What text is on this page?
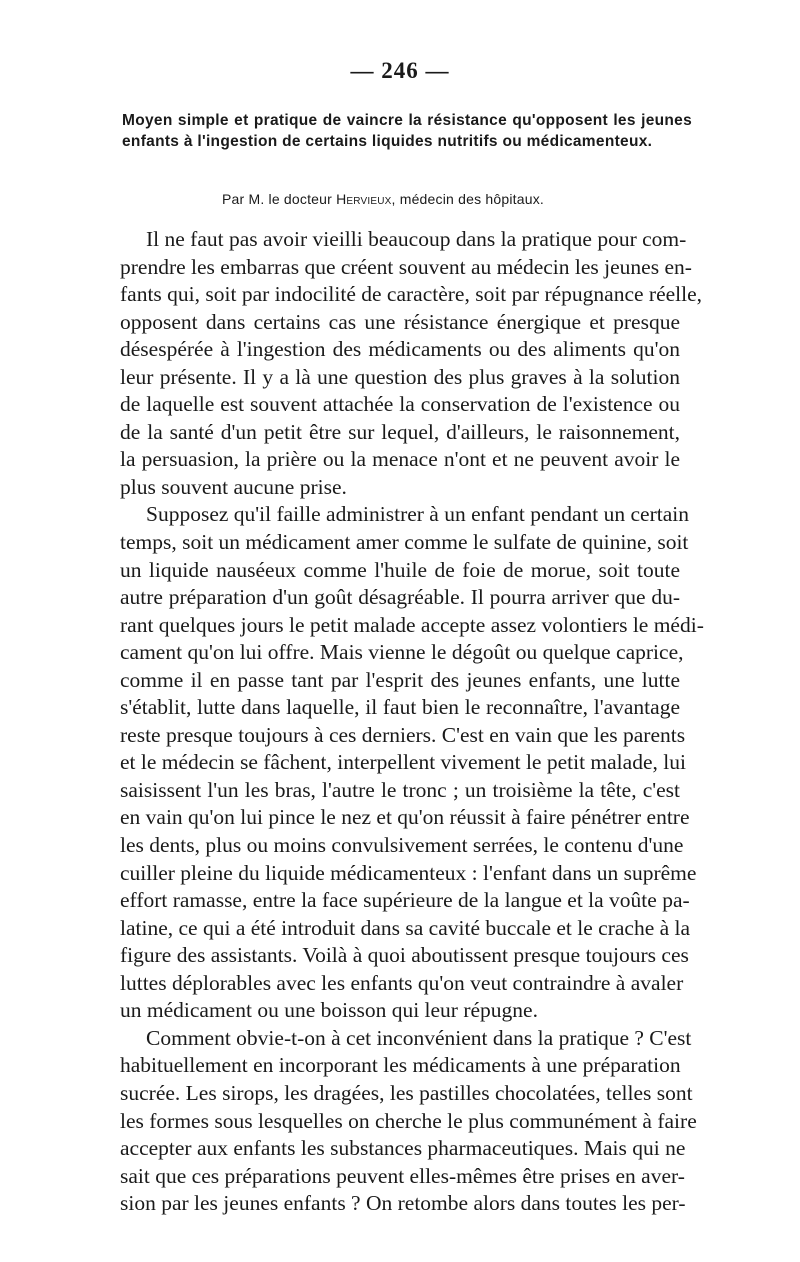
— 246 —
Moyen simple et pratique de vaincre la résistance qu'opposent les jeunes enfants à l'ingestion de certains liquides nutritifs ou médicamenteux.
Par M. le docteur Hervieux, médecin des hôpitaux.
Il ne faut pas avoir vieilli beaucoup dans la pratique pour com-
prendre les embarras que créent souvent au médecin les jeunes en-
fants qui, soit par indocilité de caractère, soit par répugnance réelle,
opposent dans certains cas une résistance énergique et presque
désespérée à l'ingestion des médicaments ou des aliments qu'on
leur présente. Il y a là une question des plus graves à la solution
de laquelle est souvent attachée la conservation de l'existence ou
de la santé d'un petit être sur lequel, d'ailleurs, le raisonnement,
la persuasion, la prière ou la menace n'ont et ne peuvent avoir le
plus souvent aucune prise.
Supposez qu'il faille administrer à un enfant pendant un certain
temps, soit un médicament amer comme le sulfate de quinine, soit
un liquide nauséeux comme l'huile de foie de morue, soit toute
autre préparation d'un goût désagréable. Il pourra arriver que du-
rant quelques jours le petit malade accepte assez volontiers le médi-
cament qu'on lui offre. Mais vienne le dégoût ou quelque caprice,
comme il en passe tant par l'esprit des jeunes enfants, une lutte
s'établit, lutte dans laquelle, il faut bien le reconnaître, l'avantage
reste presque toujours à ces derniers. C'est en vain que les parents
et le médecin se fâchent, interpellent vivement le petit malade, lui
saisissent l'un les bras, l'autre le tronc ; un troisième la tête, c'est
en vain qu'on lui pince le nez et qu'on réussit à faire pénétrer entre
les dents, plus ou moins convulsivement serrées, le contenu d'une
cuiller pleine du liquide médicamenteux : l'enfant dans un suprême
effort ramasse, entre la face supérieure de la langue et la voûte pa-
latine, ce qui a été introduit dans sa cavité buccale et le crache à la
figure des assistants. Voilà à quoi aboutissent presque toujours ces
luttes déplorables avec les enfants qu'on veut contraindre à avaler
un médicament ou une boisson qui leur répugne.
Comment obvie-t-on à cet inconvénient dans la pratique ? C'est
habituellement en incorporant les médicaments à une préparation
sucrée. Les sirops, les dragées, les pastilles chocolatées, telles sont
les formes sous lesquelles on cherche le plus communément à faire
accepter aux enfants les substances pharmaceutiques. Mais qui ne
sait que ces préparations peuvent elles-mêmes être prises en aver-
sion par les jeunes enfants ? On retombe alors dans toutes les per-
